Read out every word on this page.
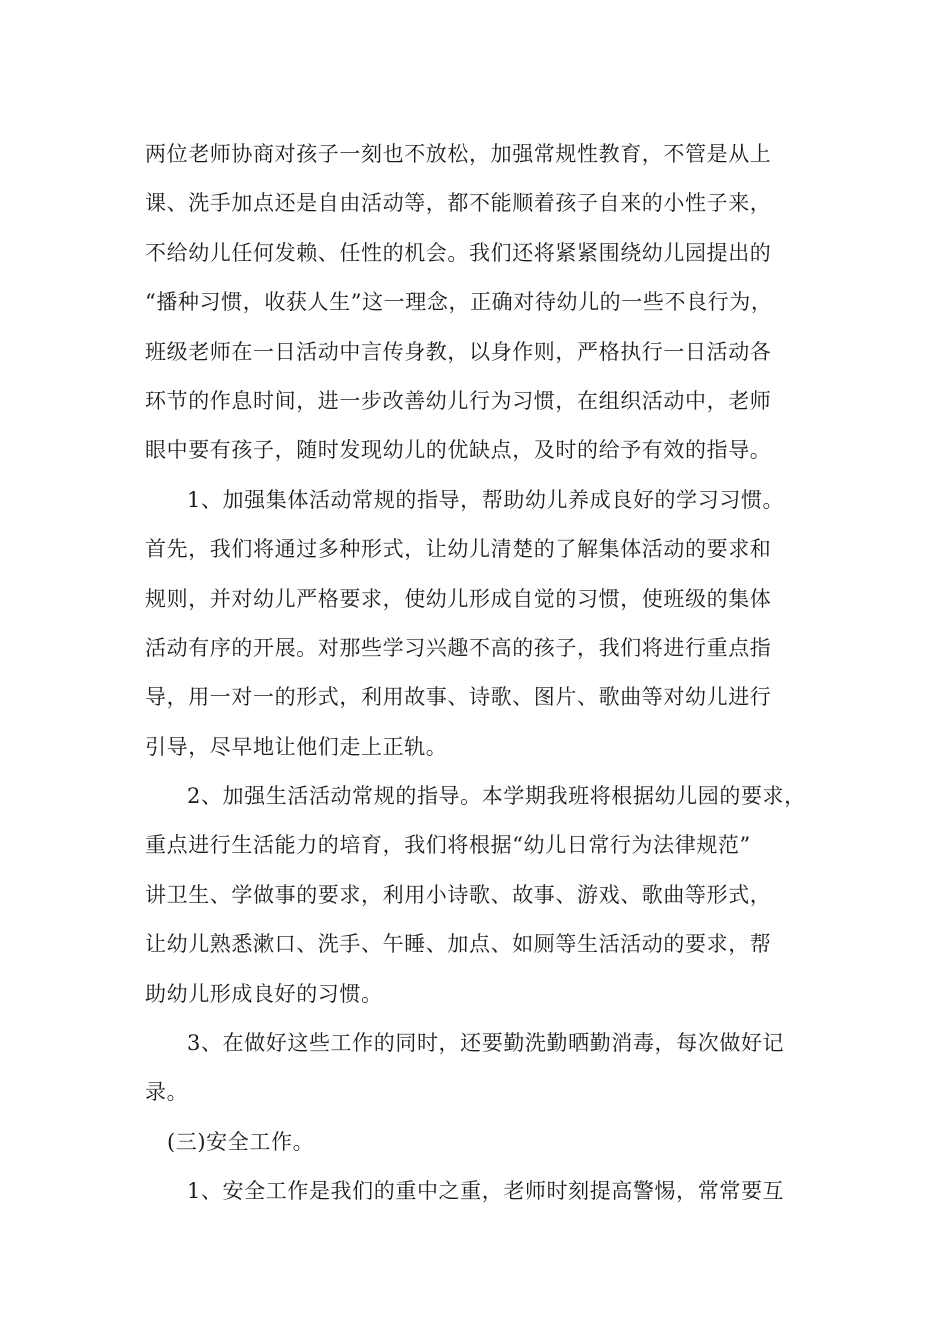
两位老师协商对孩子一刻也不放松，加强常规性教育，不管是从上
课、洗手加点还是自由活动等，都不能顺着孩子自来的小性子来，
不给幼儿任何发赖、任性的机会。我们还将紧紧围绕幼儿园提出的
“播种习惯，收获人生”这一理念，正确对待幼儿的一些不良行为，
班级老师在一日活动中言传身教，以身作则，严格执行一日活动各
环节的作息时间，进一步改善幼儿行为习惯，在组织活动中，老师
眼中要有孩子，随时发现幼儿的优缺点，及时的给予有效的指导。
1、加强集体活动常规的指导，帮助幼儿养成良好的学习习惯。
首先，我们将通过多种形式，让幼儿清楚的了解集体活动的要求和
规则，并对幼儿严格要求，使幼儿形成自觉的习惯，使班级的集体
活动有序的开展。对那些学习兴趣不高的孩子，我们将进行重点指
导，用一对一的形式，利用故事、诗歌、图片、歌曲等对幼儿进行
引导，尽早地让他们走上正轨。
2、加强生活活动常规的指导。本学期我班将根据幼儿园的要求，
重点进行生活能力的培育，我们将根据“幼儿日常行为法律规范”
讲卫生、学做事的要求，利用小诗歌、故事、游戏、歌曲等形式，
让幼儿熟悉漱口、洗手、午睡、加点、如厕等生活活动的要求，帮
助幼儿形成良好的习惯。
3、在做好这些工作的同时，还要勤洗勤晒勤消毒，每次做好记
录。
(三)安全工作。
1、安全工作是我们的重中之重，老师时刻提高警惕，常常要互
